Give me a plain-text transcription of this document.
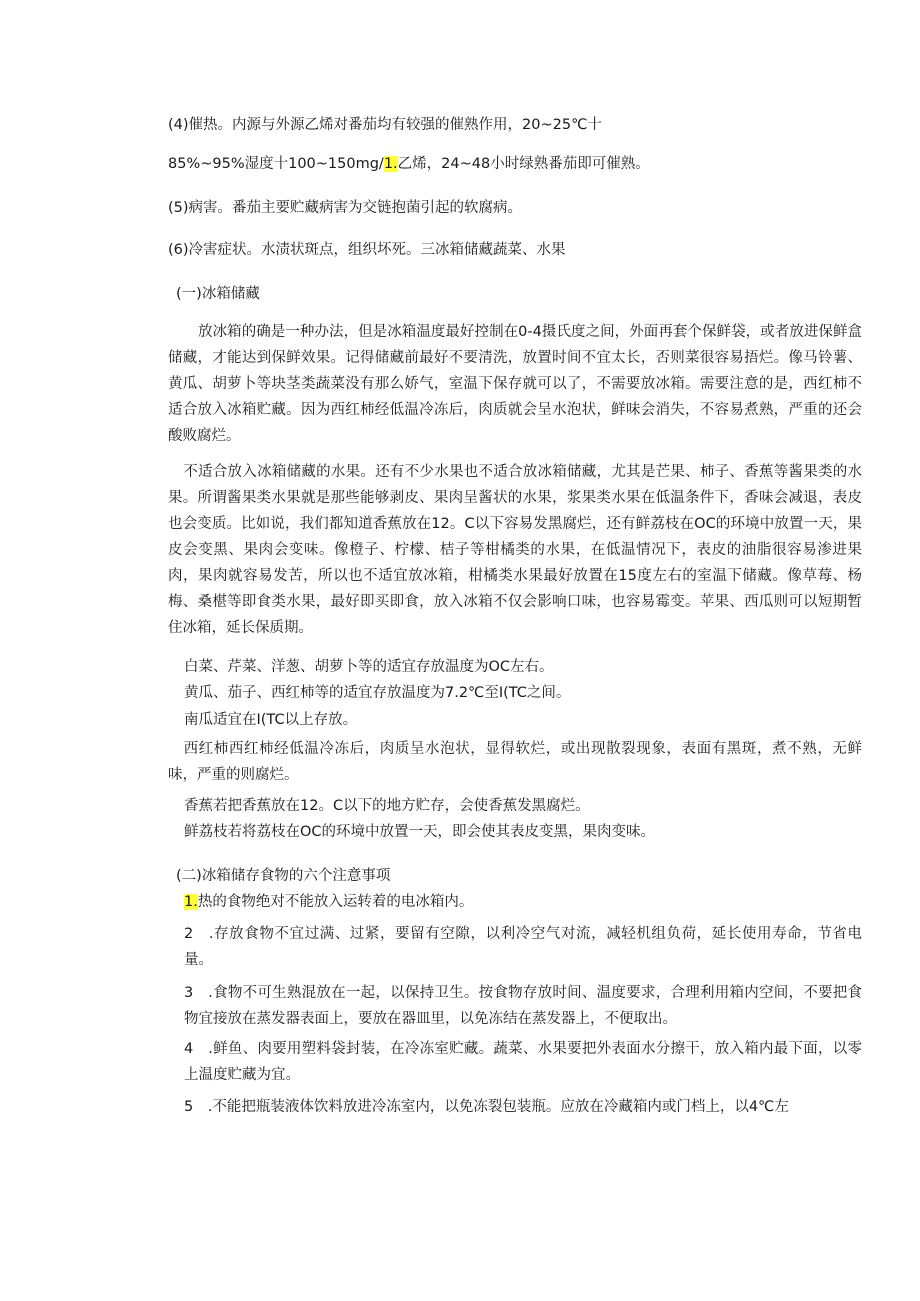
(4)催热。内源与外源乙烯对番茄均有较强的催熟作用，20~25℃十
85%~95%湿度十100~150mg/1.乙烯，24~48小时绿熟番茄即可催熟。
(5)病害。番茄主要贮藏病害为交链抱菌引起的软腐病。
(6)冷害症状。水渍状斑点，组织坏死。三冰箱储藏蔬菜、水果
(一)冰箱储藏
放冰箱的确是一种办法，但是冰箱温度最好控制在0-4摄氏度之间，外面再套个保鲜袋，或者放进保鲜盒储藏，才能达到保鲜效果。记得储藏前最好不要清洗，放置时间不宜太长，否则菜很容易捂烂。像马铃薯、黄瓜、胡萝卜等块茎类蔬菜没有那么娇气，室温下保存就可以了，不需要放冰箱。需要注意的是，西红柿不适合放入冰箱贮藏。因为西红柿经低温冷冻后，肉质就会呈水泡状，鲜味会消失，不容易煮熟，严重的还会酸败腐烂。
不适合放入冰箱储藏的水果。还有不少水果也不适合放冰箱储藏，尤其是芒果、柿子、香蕉等酱果类的水果。所谓酱果类水果就是那些能够剥皮、果肉呈酱状的水果，浆果类水果在低温条件下，香味会减退，表皮也会变质。比如说，我们都知道香蕉放在12。C以下容易发黑腐烂，还有鲜荔枝在OC的环境中放置一天，果皮会变黑、果肉会变味。像橙子、柠檬、桔子等柑橘类的水果，在低温情况下，表皮的油脂很容易渗进果肉，果肉就容易发苦，所以也不适宜放冰箱，柑橘类水果最好放置在15度左右的室温下储藏。像草莓、杨梅、桑椹等即食类水果，最好即买即食，放入冰箱不仅会影响口味，也容易霉变。苹果、西瓜则可以短期暂住冰箱，延长保质期。
白菜、芹菜、洋葱、胡萝卜等的适宜存放温度为OC左右。
黄瓜、茄子、西红柿等的适宜存放温度为7.2℃至I(TC之间。
南瓜适宜在I(TC以上存放。
西红柿西红柿经低温冷冻后，肉质呈水泡状，显得软烂，或出现散裂现象，表面有黑斑，煮不熟，无鲜味，严重的则腐烂。
香蕉若把香蕉放在12。C以下的地方贮存，会使香蕉发黑腐烂。
鲜荔枝若将荔枝在OC的环境中放置一天，即会使其表皮变黑，果肉变味。
(二)冰箱储存食物的六个注意事项
1.热的食物绝对不能放入运转着的电冰箱内。
2　.存放食物不宜过满、过紧，要留有空隙，以利冷空气对流，减轻机组负荷，延长使用寿命，节省电量。
3　.食物不可生熟混放在一起，以保持卫生。按食物存放时间、温度要求，合理利用箱内空间，不要把食物宜接放在蒸发器表面上，要放在器皿里，以免冻结在蒸发器上，不便取出。
4　.鲜鱼、肉要用塑料袋封装，在冷冻室贮藏。蔬菜、水果要把外表面水分擦干，放入箱内最下面，以零上温度贮藏为宜。
5　.不能把瓶装液体饮料放进冷冻室内，以免冻裂包装瓶。应放在冷藏箱内或门档上，以4℃左
